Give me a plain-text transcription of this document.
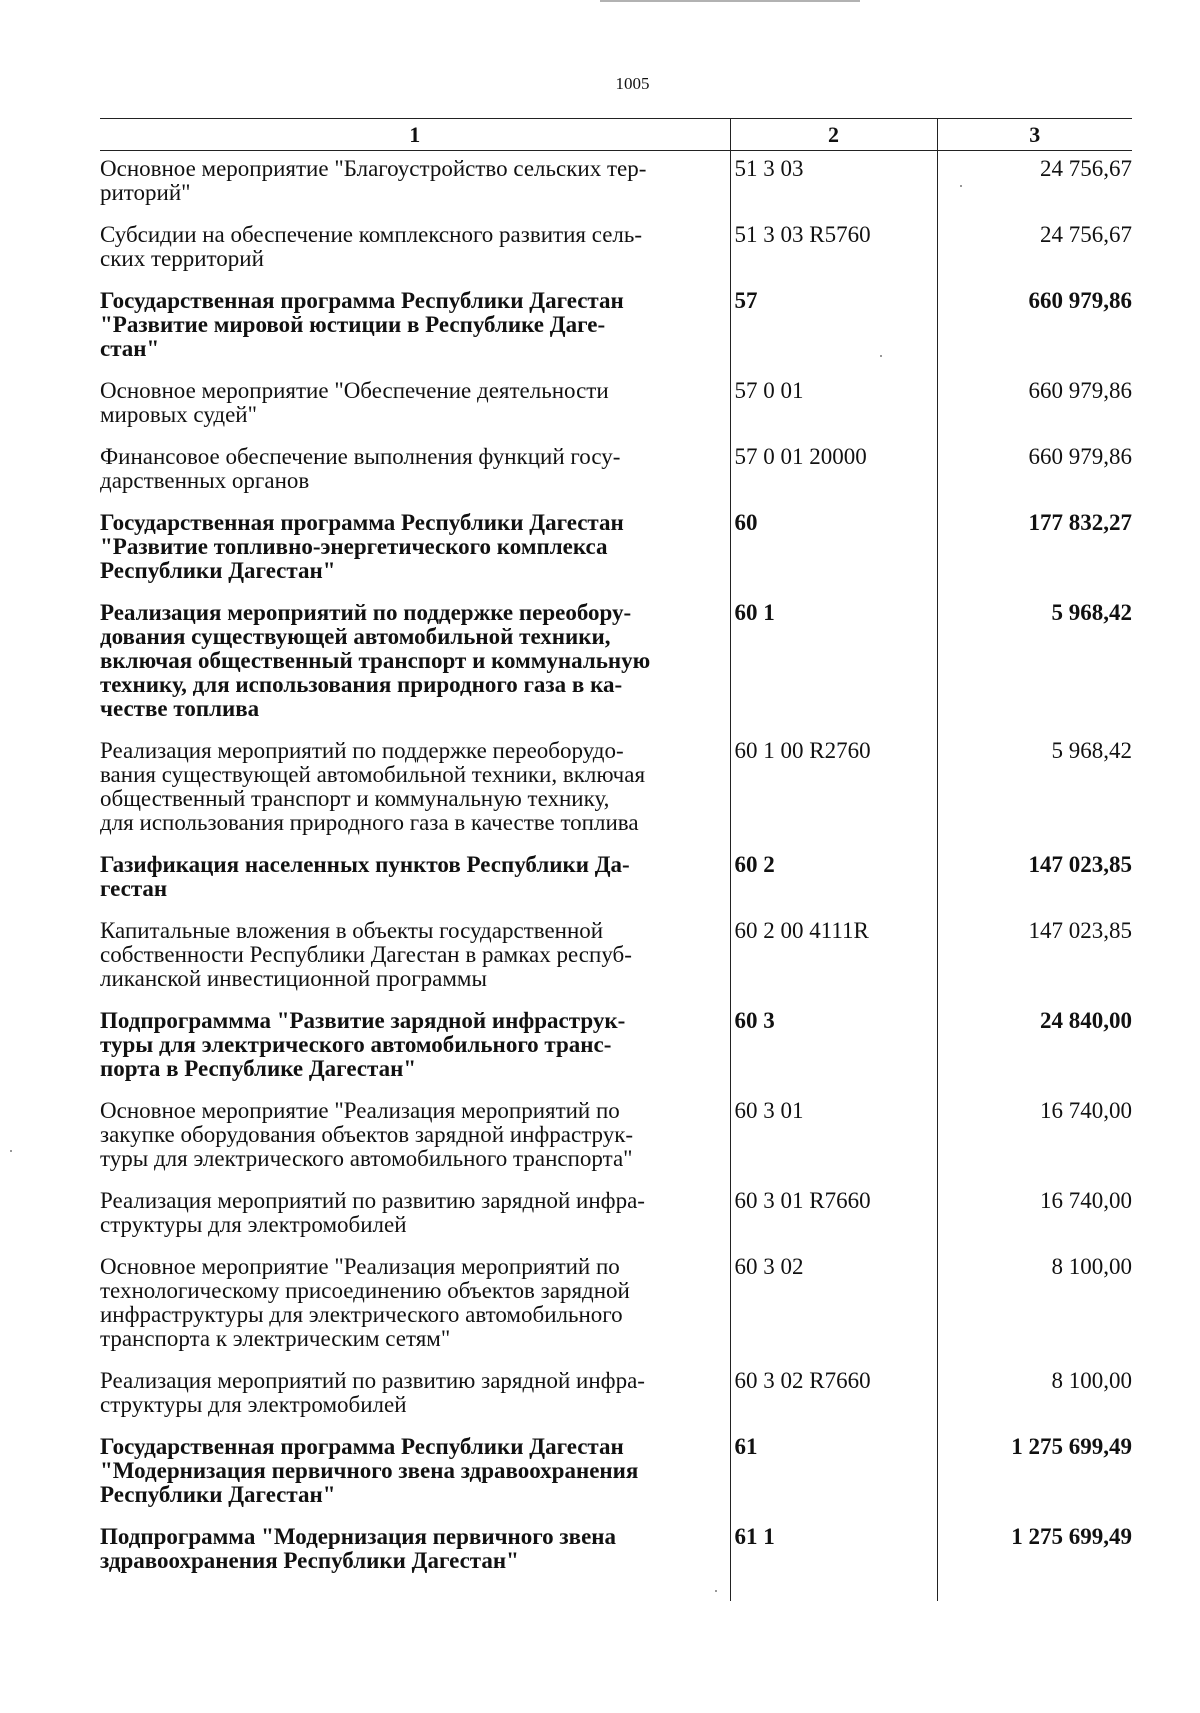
1005
1	2	3
Основное мероприятие "Благоустройство сельских тер-
риторий"	51 3 03	24 756,67
Субсидии на обеспечение комплексного развития сель-
ских территорий	51 3 03 R5760	24 756,67
Государственная программа Республики Дагестан
"Развитие мировой юстиции в Республике Даге-
стан"	57	660 979,86
Основное мероприятие "Обеспечение деятельности
мировых судей"	57 0 01	660 979,86
Финансовое обеспечение выполнения функций госу-
дарственных органов	57 0 01 20000	660 979,86
Государственная программа Республики Дагестан
"Развитие топливно-энергетического комплекса
Республики Дагестан"	60	177 832,27
Реализация мероприятий по поддержке переобору-
дования существующей автомобильной техники,
включая общественный транспорт и коммунальную
технику, для использования природного газа в ка-
честве топлива	60 1	5 968,42
Реализация мероприятий по поддержке переоборудо-
вания существующей автомобильной техники, включая
общественный транспорт и коммунальную технику,
для использования природного газа в качестве топлива	60 1 00 R2760	5 968,42
Газификация населенных пунктов Республики Да-
гестан	60 2	147 023,85
Капитальные вложения в объекты государственной
собственности Республики Дагестан в рамках респуб-
ликанской инвестиционной программы	60 2 00 4111R	147 023,85
Подпрограммма "Развитие зарядной инфраструк-
туры для электрического автомобильного транс-
порта в Республике Дагестан"	60 3	24 840,00
Основное мероприятие "Реализация мероприятий по
закупке оборудования объектов зарядной инфраструк-
туры для электрического автомобильного транспорта"	60 3 01	16 740,00
Реализация мероприятий по развитию зарядной инфра-
структуры для электромобилей	60 3 01 R7660	16 740,00
Основное мероприятие "Реализация мероприятий по
технологическому присоединению объектов зарядной
инфраструктуры для электрического автомобильного
транспорта к электрическим сетям"	60 3 02	8 100,00
Реализация мероприятий по развитию зарядной инфра-
структуры для электромобилей	60 3 02 R7660	8 100,00
Государственная программа Республики Дагестан
"Модернизация первичного звена здравоохранения
Республики Дагестан"	61	1 275 699,49
Подпрограмма "Модернизация первичного звена
здравоохранения Республики Дагестан"	61 1	1 275 699,49
